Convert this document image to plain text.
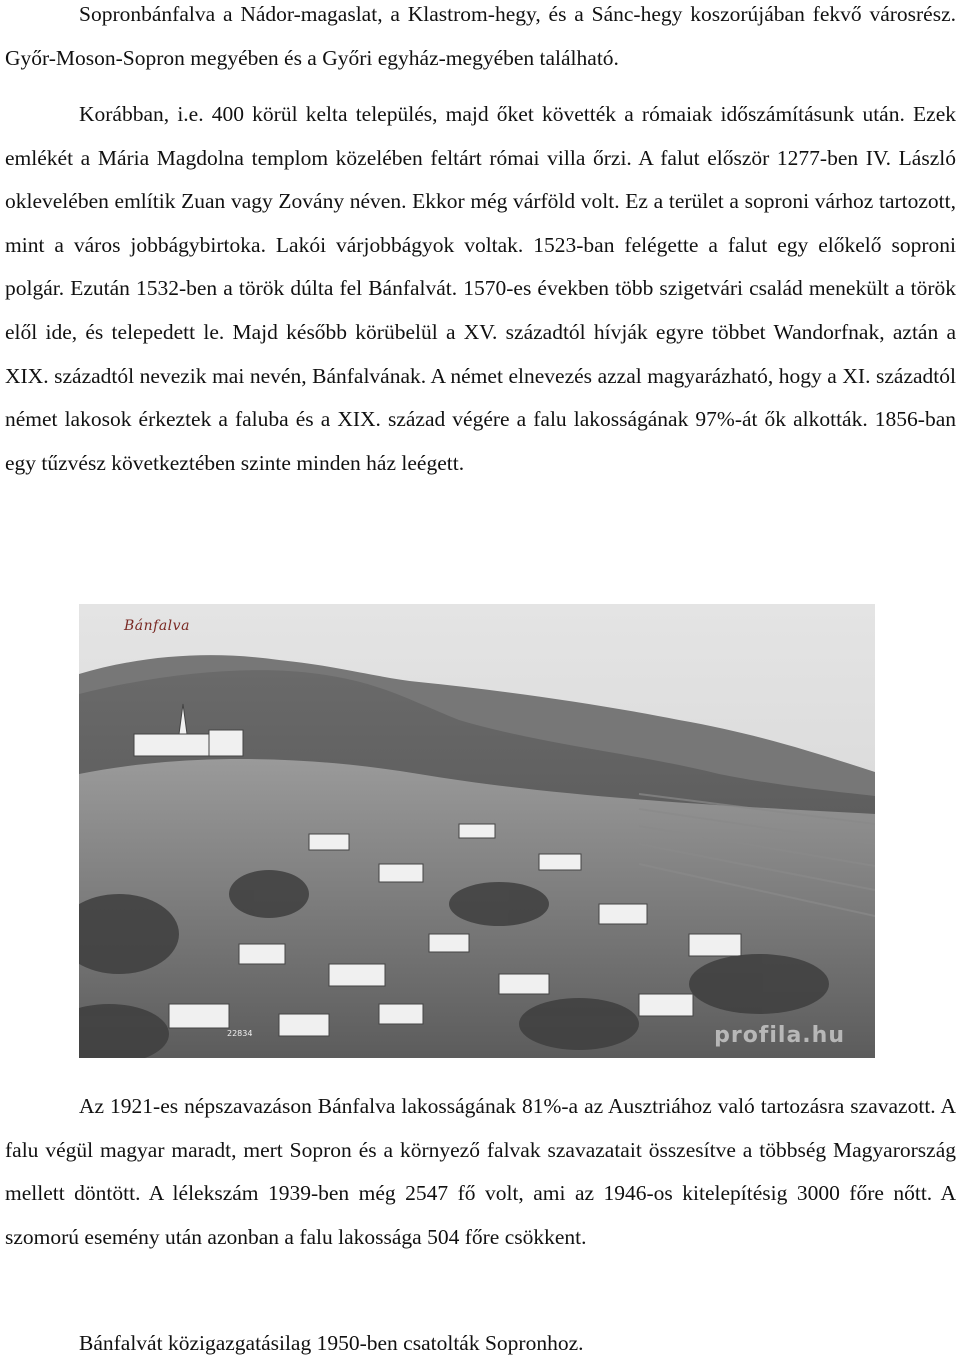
Sopronbánfalva a Nádor-magaslat, a Klastrom-hegy, és a Sánc-hegy koszorújában fekvő városrész. Győr-Moson-Sopron megyében és a Győri egyház-megyében található.

Korábban, i.e. 400 körül kelta település, majd őket követték a rómaiak időszámításunk után. Ezek emlékét a Mária Magdolna templom közelében feltárt római villa őrzi. A falut először 1277-ben IV. László oklevelében említik Zuan vagy Zovány néven. Ekkor még várföld volt. Ez a terület a soproni várhoz tartozott, mint a város jobbágybirtoka. Lakói várjobbágyok voltak. 1523-ban felégette a falut egy előkelő soproni polgár. Ezután 1532-ben a török dúlta fel Bánfalvát. 1570-es években több szigetvári család menekült a török elől ide, és telepedett le. Majd később körübelül a XV. századtól hívják egyre többet Wandorfnak, aztán a XIX. századtól nevezik mai nevén, Bánfalvának. A német elnevezés azzal magyarázható, hogy a XI. századtól német lakosok érkeztek a faluba és a XIX. század végére a falu lakosságának 97%-át ők alkották. 1856-ban egy tűzvész következtében szinte minden ház leégett.

Bánfalva
22834	profila.hu

Az 1921-es népszavazáson Bánfalva lakosságának 81%-a az Ausztriához való tartozásra szavazott. A falu végül magyar maradt, mert Sopron és a környező falvak szavazatait összesítve a többség Magyarország mellett döntött. A lélekszám 1939-ben még 2547 fő volt, ami az 1946-os kitelepítésig 3000 főre nőtt. A szomorú esemény után azonban a falu lakossága 504 főre csökkent.

Bánfalvát közigazgatásilag 1950-ben csatolták Sopronhoz.
